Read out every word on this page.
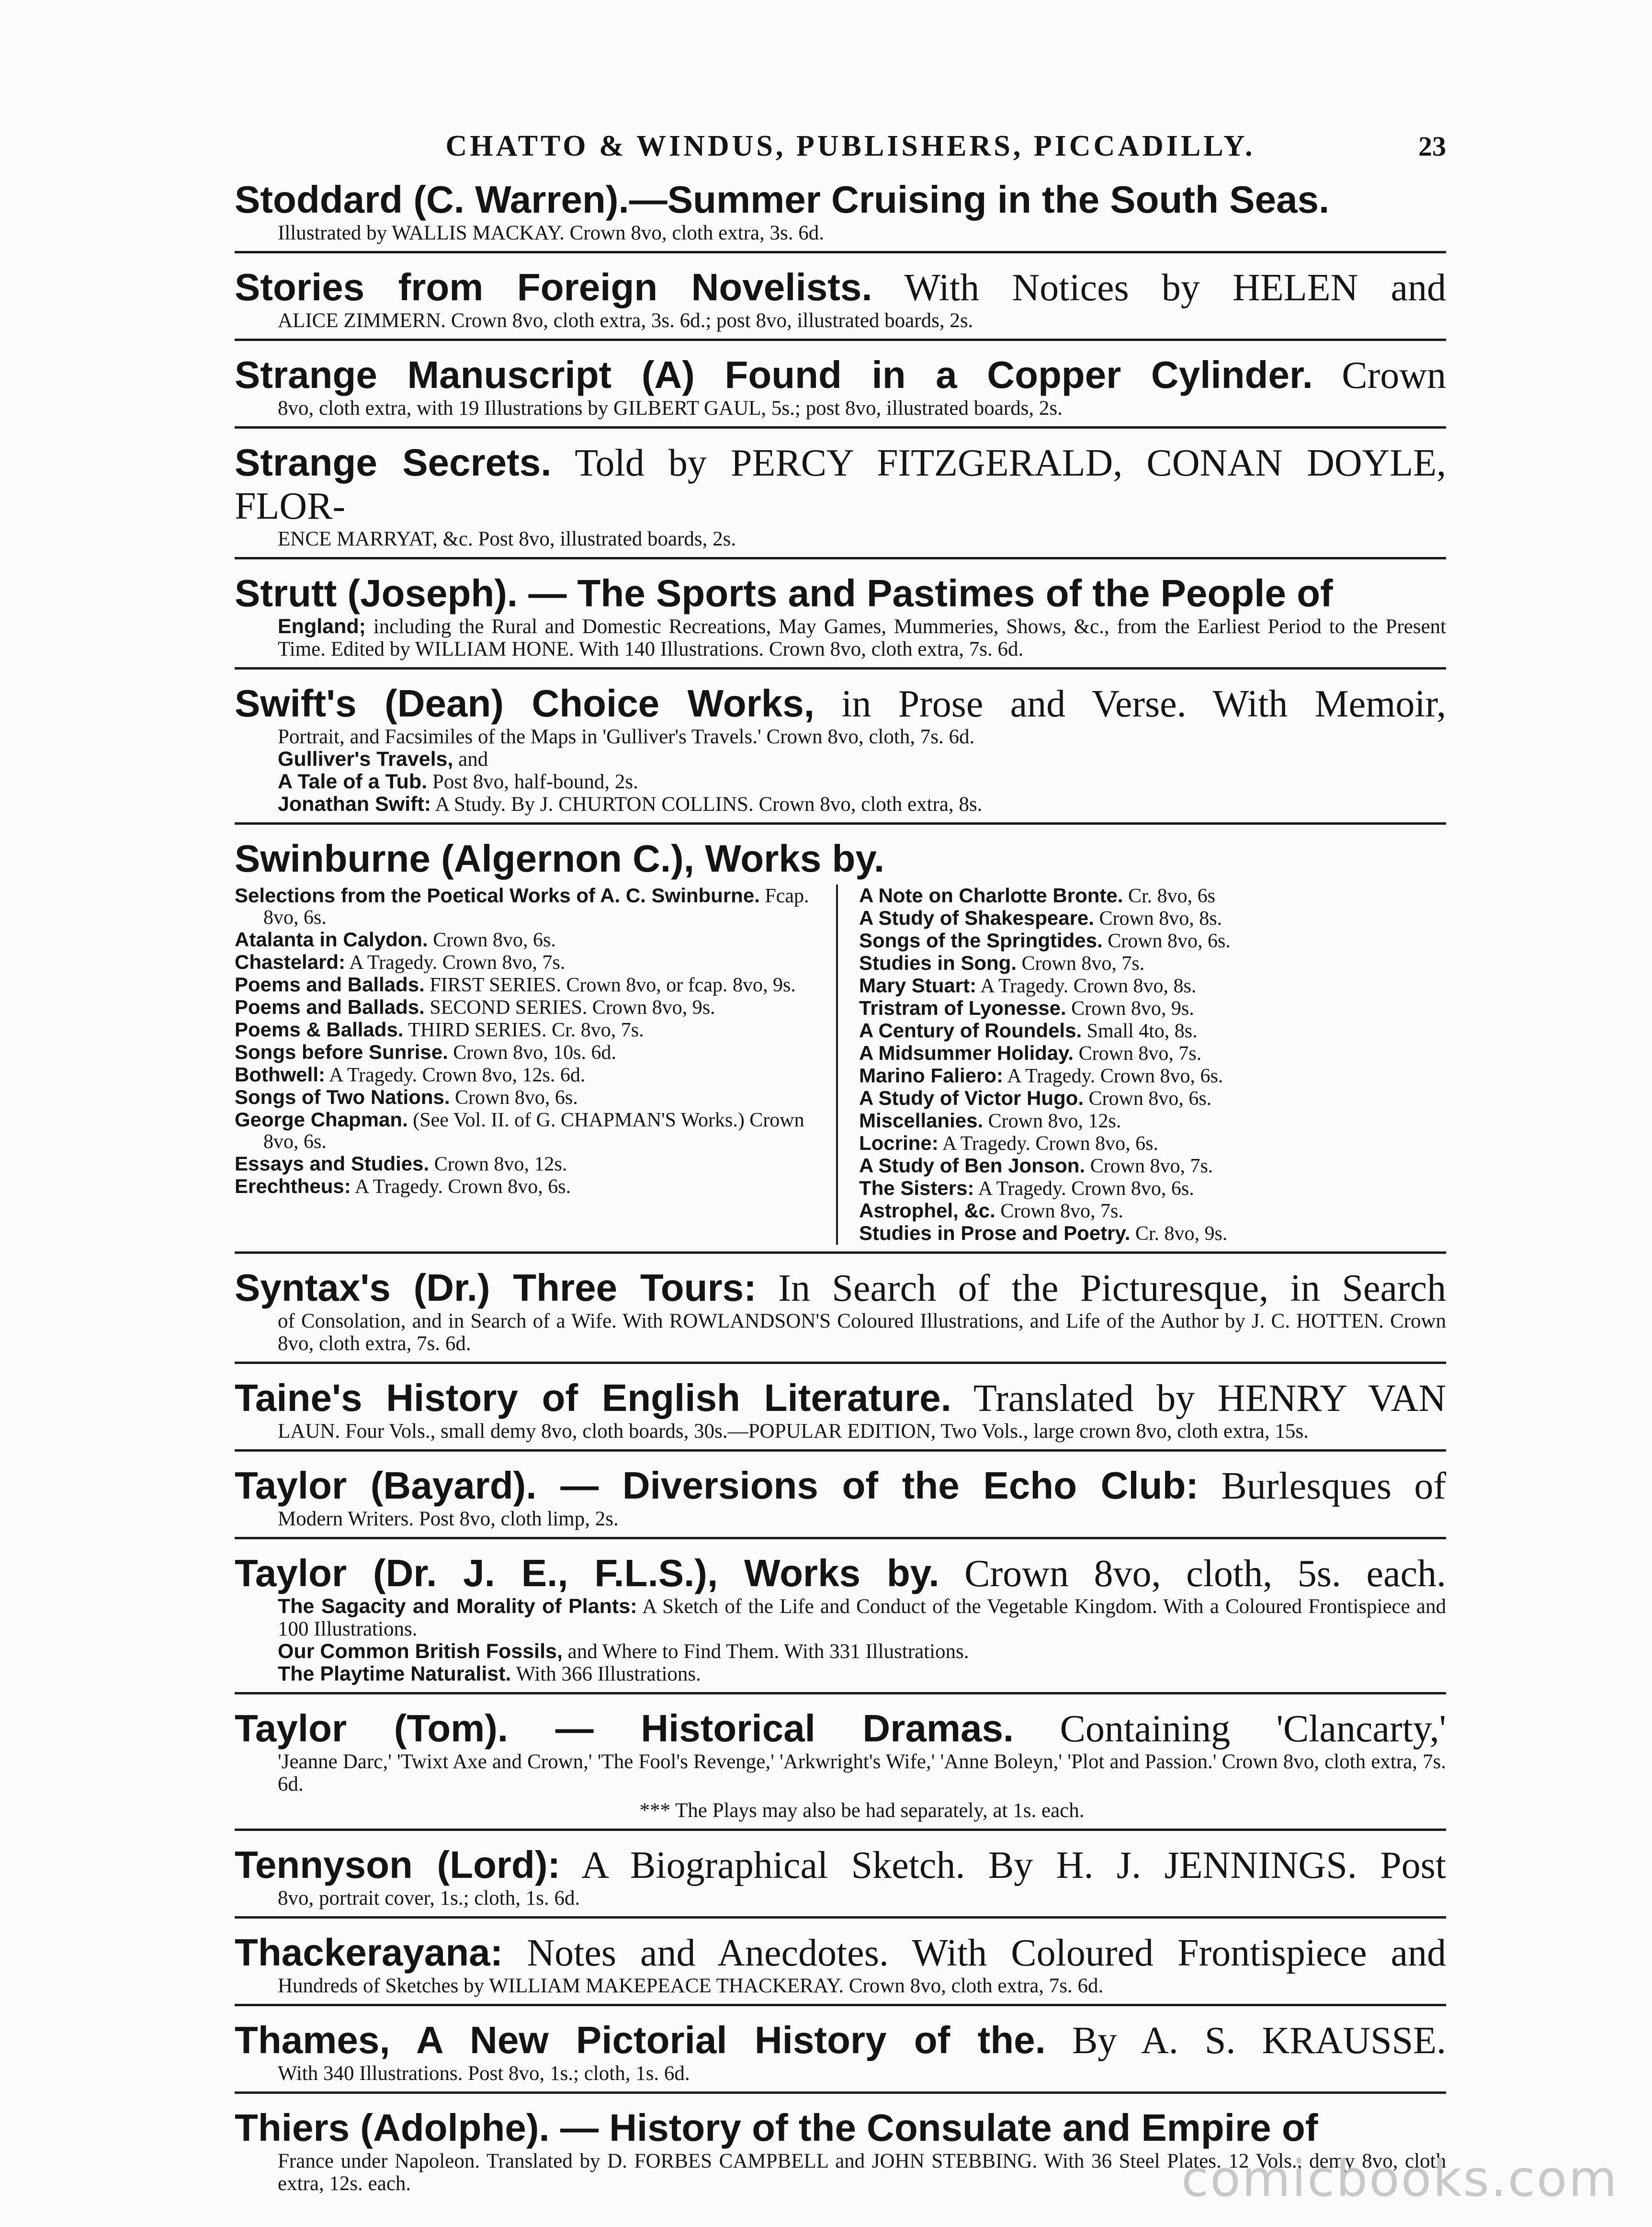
CHATTO & WINDUS, PUBLISHERS, PICCADILLY.	23
Stoddard (C. Warren).—Summer Cruising in the South Seas.
Illustrated by WALLIS MACKAY. Crown 8vo, cloth extra, 3s. 6d.
Stories from Foreign Novelists. With Notices by HELEN and
ALICE ZIMMERN. Crown 8vo, cloth extra, 3s. 6d.; post 8vo, illustrated boards, 2s.
Strange Manuscript (A) Found in a Copper Cylinder. Crown
8vo, cloth extra, with 19 Illustrations by GILBERT GAUL, 5s.; post 8vo, illustrated boards, 2s.
Strange Secrets. Told by PERCY FITZGERALD, CONAN DOYLE, FLOR-
ENCE MARRYAT, &c. Post 8vo, illustrated boards, 2s.
Strutt (Joseph). — The Sports and Pastimes of the People of
England; including the Rural and Domestic Recreations, May Games, Mummeries, Shows, &c., from the Earliest Period to the Present Time. Edited by WILLIAM HONE. With 140 Illustrations. Crown 8vo, cloth extra, 7s. 6d.
Swift's (Dean) Choice Works, in Prose and Verse. With Memoir,
Portrait, and Facsimiles of the Maps in 'Gulliver's Travels.' Crown 8vo, cloth, 7s. 6d.
Gulliver's Travels, and
A Tale of a Tub. Post 8vo, half-bound, 2s.
Jonathan Swift: A Study. By J. CHURTON COLLINS. Crown 8vo, cloth extra, 8s.
Swinburne (Algernon C.), Works by.
Selections from the Poetical Works of A. C. Swinburne. Fcap. 8vo, 6s.
Atalanta in Calydon. Crown 8vo, 6s.
Chastelard: A Tragedy. Crown 8vo, 7s.
Poems and Ballads. FIRST SERIES. Crown 8vo, or fcap. 8vo, 9s.
Poems and Ballads. SECOND SERIES. Crown 8vo, 9s.
Poems & Ballads. THIRD SERIES. Cr. 8vo, 7s.
Songs before Sunrise. Crown 8vo, 10s. 6d.
Bothwell: A Tragedy. Crown 8vo, 12s. 6d.
Songs of Two Nations. Crown 8vo, 6s.
George Chapman. (See Vol. II. of G. CHAPMAN'S Works.) Crown 8vo, 6s.
Essays and Studies. Crown 8vo, 12s.
Erechtheus: A Tragedy. Crown 8vo, 6s.
A Note on Charlotte Bronte. Cr. 8vo, 6s
A Study of Shakespeare. Crown 8vo, 8s.
Songs of the Springtides. Crown 8vo, 6s.
Studies in Song. Crown 8vo, 7s.
Mary Stuart: A Tragedy. Crown 8vo, 8s.
Tristram of Lyonesse. Crown 8vo, 9s.
A Century of Roundels. Small 4to, 8s.
A Midsummer Holiday. Crown 8vo, 7s.
Marino Faliero: A Tragedy. Crown 8vo, 6s.
A Study of Victor Hugo. Crown 8vo, 6s.
Miscellanies. Crown 8vo, 12s.
Locrine: A Tragedy. Crown 8vo, 6s.
A Study of Ben Jonson. Crown 8vo, 7s.
The Sisters: A Tragedy. Crown 8vo, 6s.
Astrophel, &c. Crown 8vo, 7s.
Studies in Prose and Poetry. Cr. 8vo, 9s.
Syntax's (Dr.) Three Tours: In Search of the Picturesque, in Search
of Consolation, and in Search of a Wife. With ROWLANDSON'S Coloured Illustrations, and Life of the Author by J. C. HOTTEN. Crown 8vo, cloth extra, 7s. 6d.
Taine's History of English Literature. Translated by HENRY VAN
LAUN. Four Vols., small demy 8vo, cloth boards, 30s.—POPULAR EDITION, Two Vols., large crown 8vo, cloth extra, 15s.
Taylor (Bayard). — Diversions of the Echo Club: Burlesques of
Modern Writers. Post 8vo, cloth limp, 2s.
Taylor (Dr. J. E., F.L.S.), Works by. Crown 8vo, cloth, 5s. each.
The Sagacity and Morality of Plants: A Sketch of the Life and Conduct of the Vegetable Kingdom. With a Coloured Frontispiece and 100 Illustrations.
Our Common British Fossils, and Where to Find Them. With 331 Illustrations.
The Playtime Naturalist. With 366 Illustrations.
Taylor (Tom). — Historical Dramas. Containing 'Clancarty,'
'Jeanne Darc,' 'Twixt Axe and Crown,' 'The Fool's Revenge,' 'Arkwright's Wife,' 'Anne Boleyn,' 'Plot and Passion.' Crown 8vo, cloth extra, 7s. 6d.
*** The Plays may also be had separately, at 1s. each.
Tennyson (Lord): A Biographical Sketch. By H. J. JENNINGS. Post
8vo, portrait cover, 1s.; cloth, 1s. 6d.
Thackerayana: Notes and Anecdotes. With Coloured Frontispiece and
Hundreds of Sketches by WILLIAM MAKEPEACE THACKERAY. Crown 8vo, cloth extra, 7s. 6d.
Thames, A New Pictorial History of the. By A. S. KRAUSSE.
With 340 Illustrations. Post 8vo, 1s.; cloth, 1s. 6d.
Thiers (Adolphe). — History of the Consulate and Empire of
France under Napoleon. Translated by D. FORBES CAMPBELL and JOHN STEBBING. With 36 Steel Plates. 12 Vols., demy 8vo, cloth extra, 12s. each.	comicbooks.com
